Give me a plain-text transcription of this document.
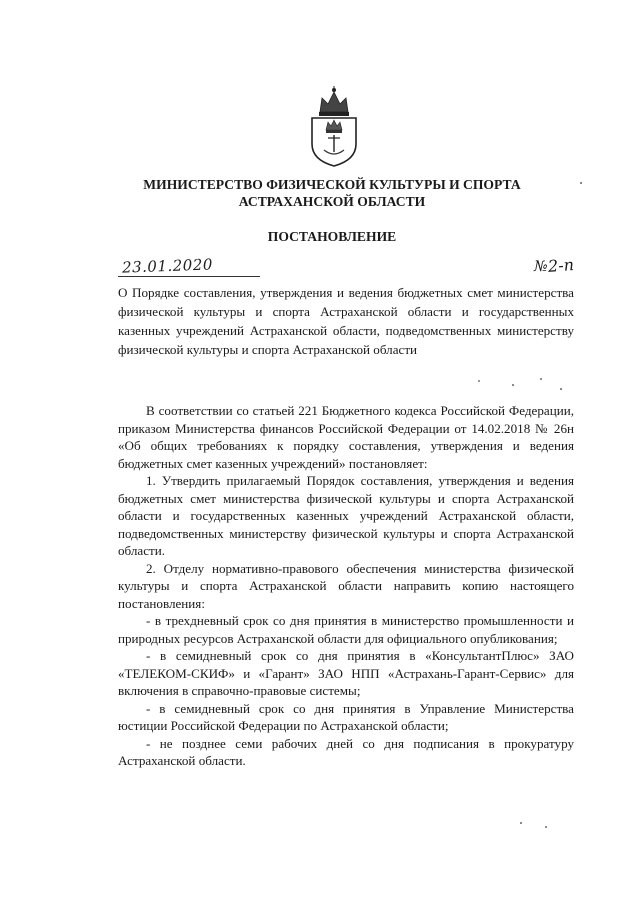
МИНИСТЕРСТВО ФИЗИЧЕСКОЙ КУЛЬТУРЫ И СПОРТА
АСТРАХАНСКОЙ ОБЛАСТИ
ПОСТАНОВЛЕНИЕ
23.01.2020	№2-п
О Порядке составления, утверждения и ведения бюджетных смет министерства физической культуры и спорта Астраханской области и государственных казенных учреждений Астраханской области, подведомственных министерству физической культуры и спорта Астраханской области

В соответствии со статьей 221 Бюджетного кодекса Российской Федерации, приказом Министерства финансов Российской Федерации от 14.02.2018 № 26н «Об общих требованиях к порядку составления, утверждения и ведения бюджетных смет казенных учреждений» постановляет:

1. Утвердить прилагаемый Порядок составления, утверждения и ведения бюджетных смет министерства физической культуры и спорта Астраханской области и государственных казенных учреждений Астраханской области, подведомственных министерству физической культуры и спорта Астраханской области.

2. Отделу нормативно-правового обеспечения министерства физической культуры и спорта Астраханской области направить копию настоящего постановления:

- в трехдневный срок со дня принятия в министерство промышленности и природных ресурсов Астраханской области для официального опубликования;

- в семидневный срок со дня принятия в «КонсультантПлюс» ЗАО «ТЕЛЕКОМ-СКИФ» и «Гарант» ЗАО НПП «Астрахань-Гарант-Сервис» для включения в справочно-правовые системы;

- в семидневный срок со дня принятия в Управление Министерства юстиции Российской Федерации по Астраханской области;

- не позднее семи рабочих дней со дня подписания в прокуратуру Астраханской области.
